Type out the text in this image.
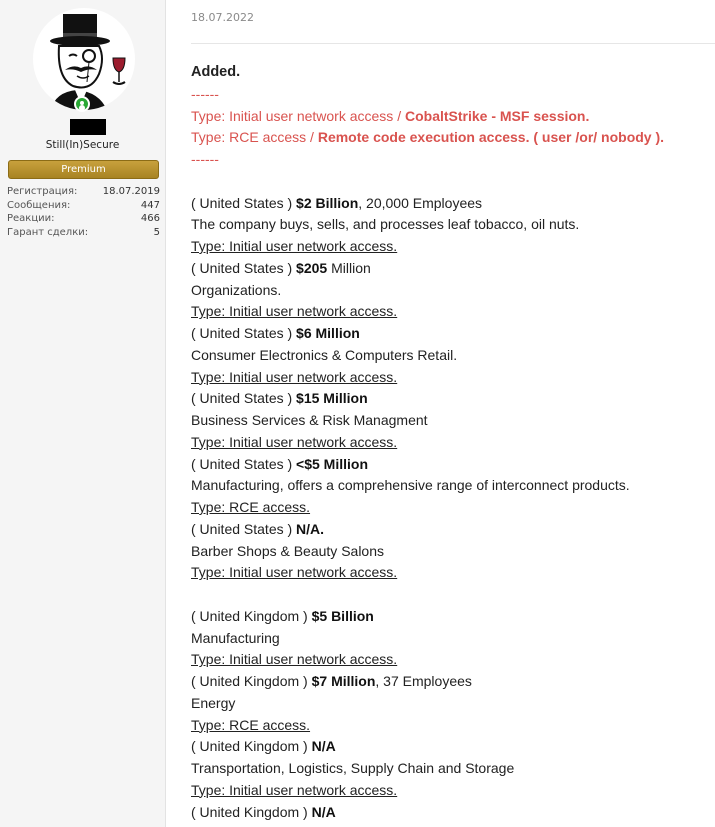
Still(In)Secure
Premium
Регистрация:	18.07.2019
Сообщения:	447
Реакции:	466
Гарант сделки:	5
18.07.2022
Added.
------
Type: Initial user network access / CobaltStrike - MSF session.
Type: RCE access / Remote code execution access. ( user /or/ nobody ).
------
( United States ) $2 Billion, 20,000 Employees
The company buys, sells, and processes leaf tobacco, oil nuts.
Type: Initial user network access.
( United States ) $205 Million
Organizations.
Type: Initial user network access.
( United States ) $6 Million
Consumer Electronics & Computers Retail.
Type: Initial user network access.
( United States ) $15 Million
Business Services & Risk Managment
Type: Initial user network access.
( United States ) <$5 Million
Manufacturing, offers a comprehensive range of interconnect products.
Type: RCE access.
( United States ) N/A.
Barber Shops & Beauty Salons
Type: Initial user network access.
( United Kingdom ) $5 Billion
Manufacturing
Type: Initial user network access.
( United Kingdom ) $7 Million, 37 Employees
Energy
Type: RCE access.
( United Kingdom ) N/A
Transportation, Logistics, Supply Chain and Storage
Type: Initial user network access.
( United Kingdom ) N/A
